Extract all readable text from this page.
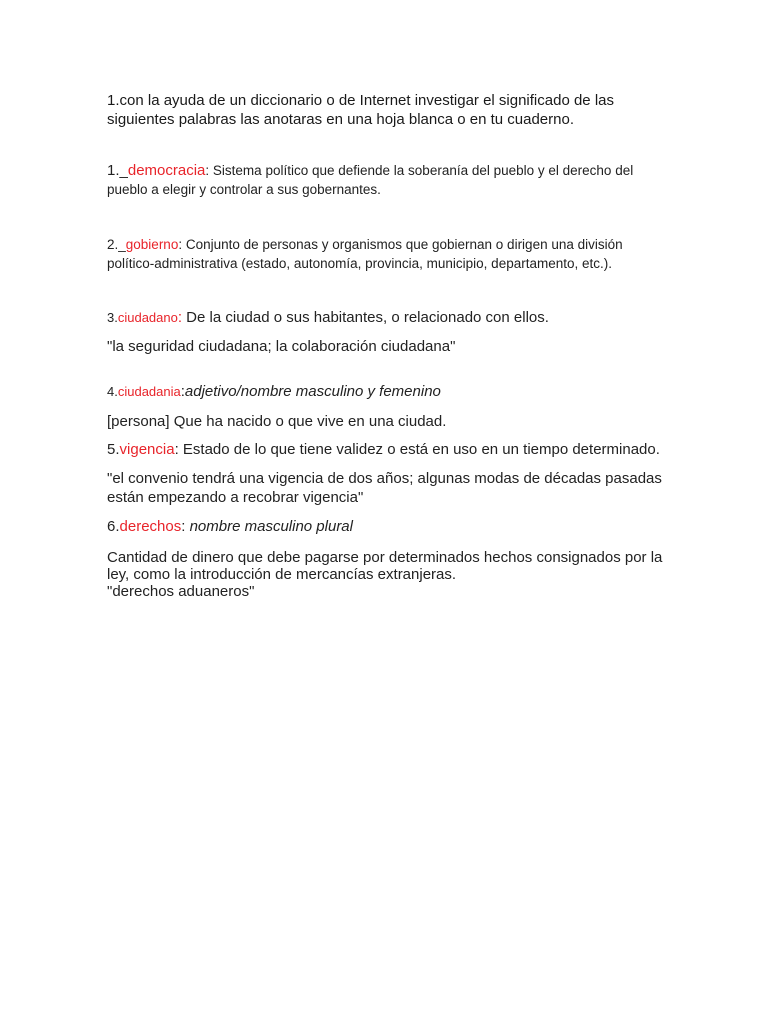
1.con la ayuda de un diccionario o de Internet investigar el significado de las siguientes palabras las anotaras en una hoja blanca o en tu cuaderno.

1._democracia: Sistema político que defiende la soberanía del pueblo y el derecho del pueblo a elegir y controlar a sus gobernantes.

2._gobierno: Conjunto de personas y organismos que gobiernan o dirigen una división político-administrativa (estado, autonomía, provincia, municipio, departamento, etc.).

3.ciudadano: De la ciudad o sus habitantes, o relacionado con ellos.

"la seguridad ciudadana; la colaboración ciudadana"

4.ciudadania:adjetivo/nombre masculino y femenino

[persona] Que ha nacido o que vive en una ciudad.

5.vigencia: Estado de lo que tiene validez o está en uso en un tiempo determinado.

"el convenio tendrá una vigencia de dos años; algunas modas de décadas pasadas están empezando a recobrar vigencia"

6.derechos: nombre masculino plural

Cantidad de dinero que debe pagarse por determinados hechos consignados por la ley, como la introducción de mercancías extranjeras.
"derechos aduaneros"
